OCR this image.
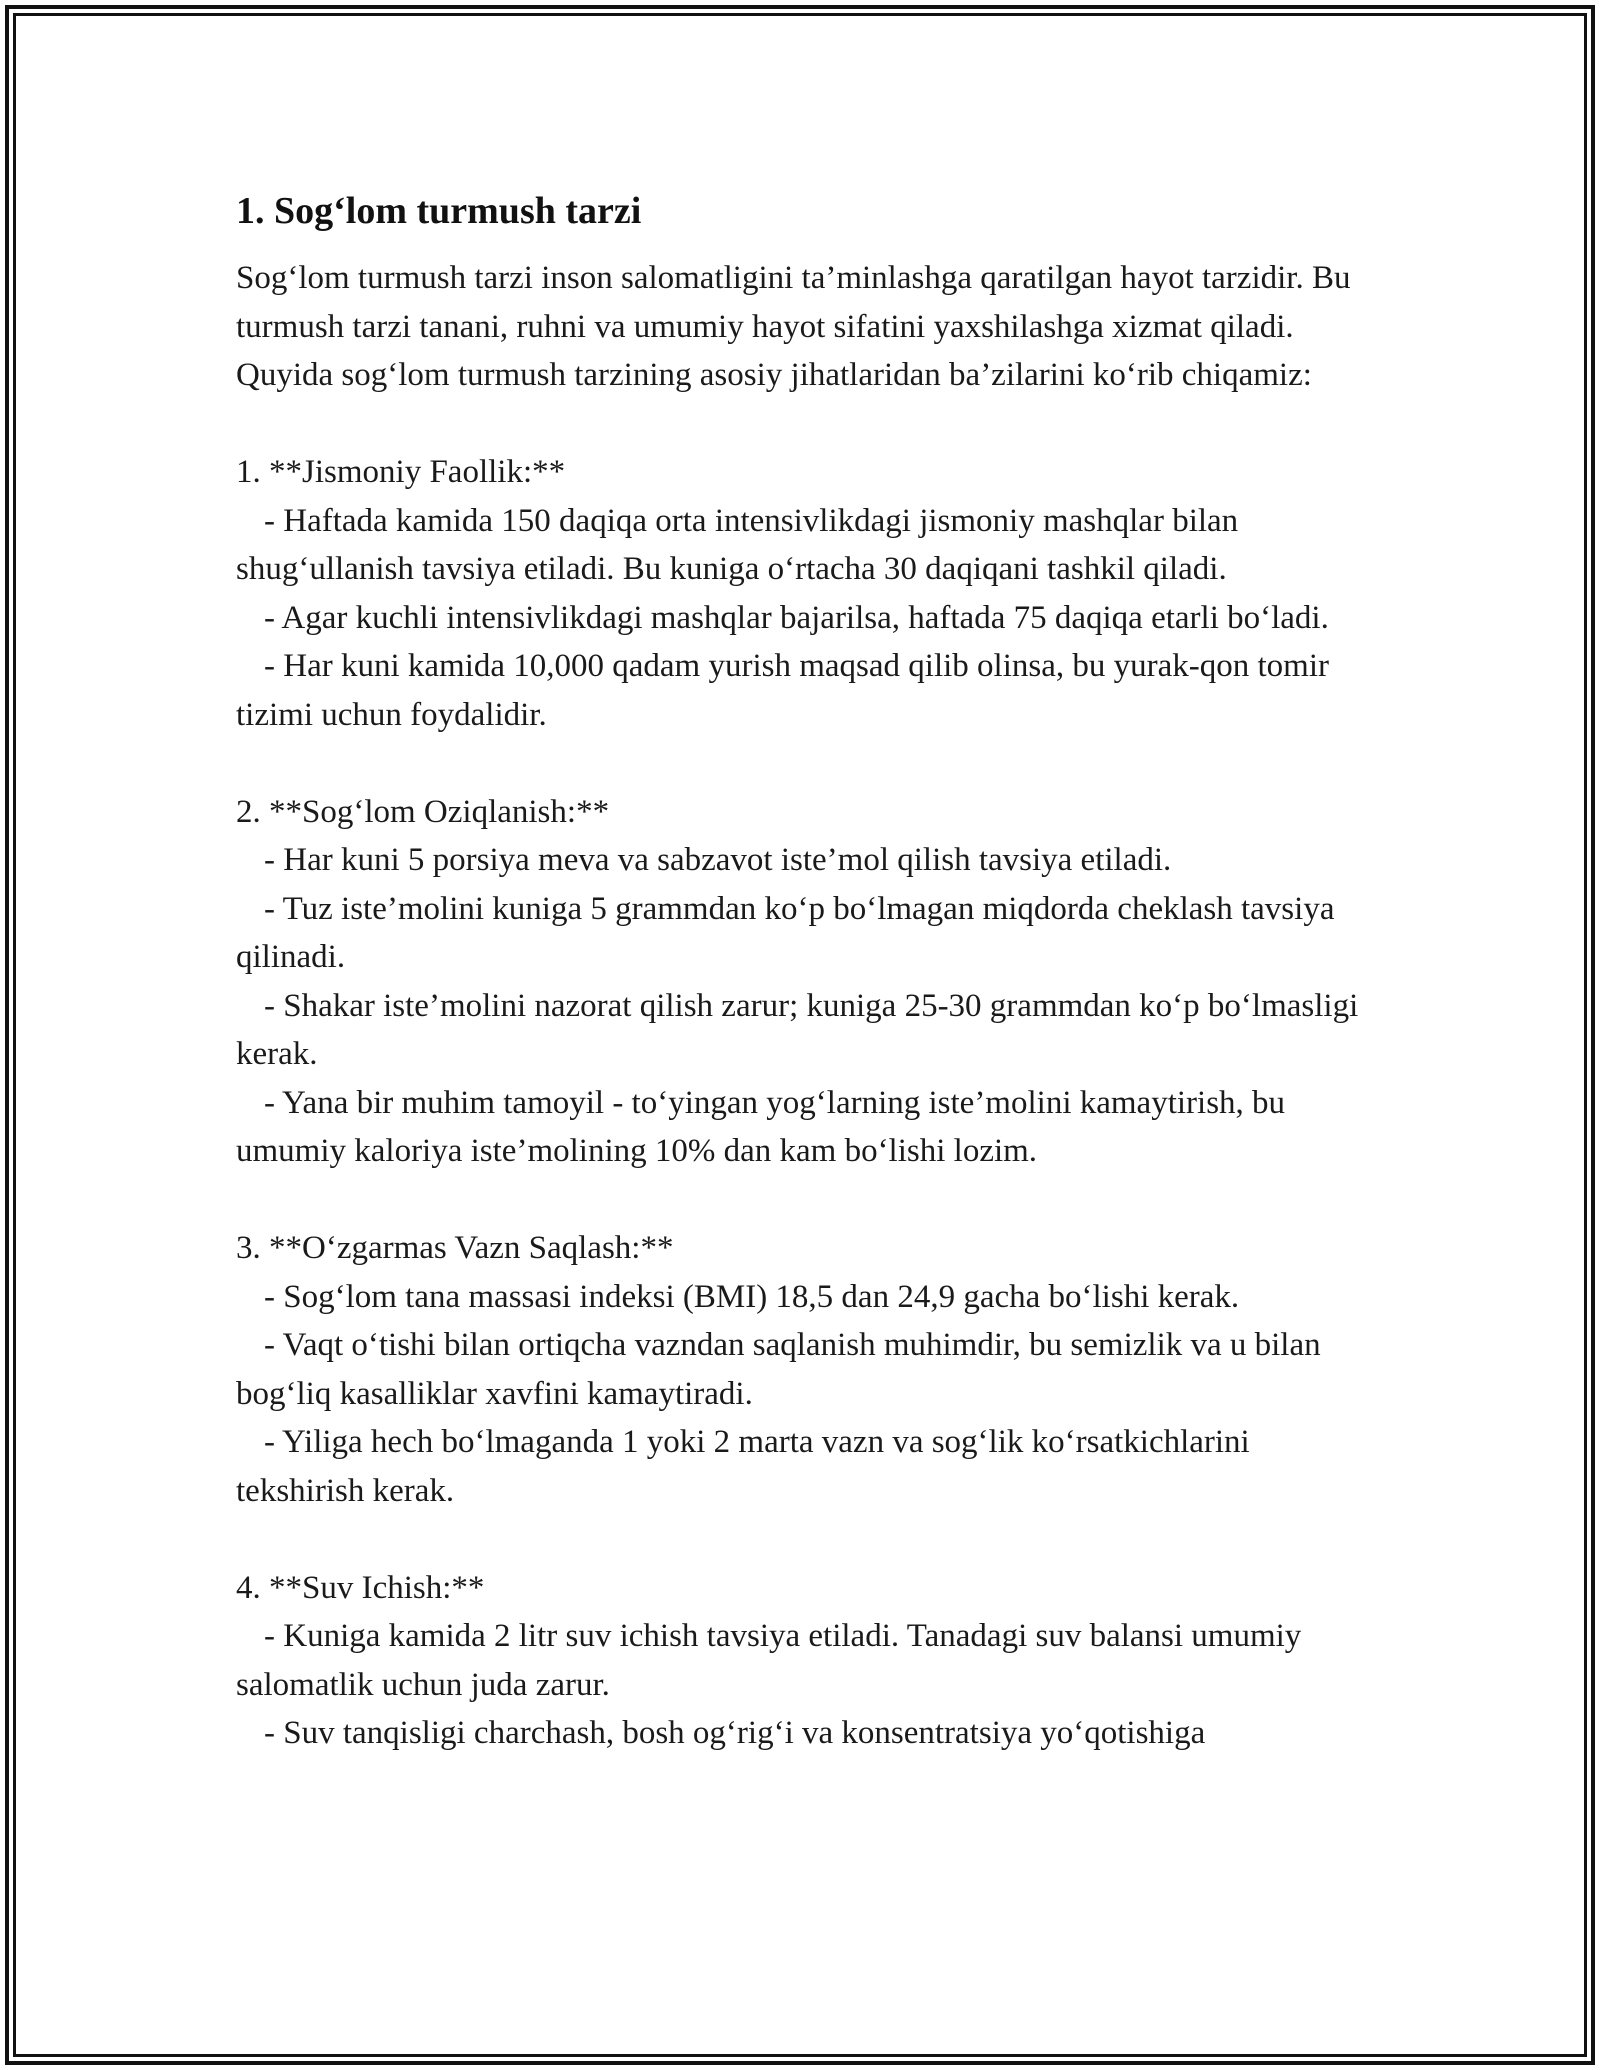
1. Sog‘lom turmush tarzi

Sog‘lom turmush tarzi inson salomatligini ta’minlashga qaratilgan hayot tarzidir. Bu turmush tarzi tanani, ruhni va umumiy hayot sifatini yaxshilashga xizmat qiladi. Quyida sog‘lom turmush tarzining asosiy jihatlaridan ba’zilarini ko‘rib chiqamiz:

1. **Jismoniy Faollik:**

- Haftada kamida 150 daqiqa orta intensivlikdagi jismoniy mashqlar bilan shug‘ullanish tavsiya etiladi. Bu kuniga o‘rtacha 30 daqiqani tashkil qiladi.

- Agar kuchli intensivlikdagi mashqlar bajarilsa, haftada 75 daqiqa etarli bo‘ladi.

- Har kuni kamida 10,000 qadam yurish maqsad qilib olinsa, bu yurak-qon tomir tizimi uchun foydalidir.

2. **Sog‘lom Oziqlanish:**

- Har kuni 5 porsiya meva va sabzavot iste’mol qilish tavsiya etiladi.

- Tuz iste’molini kuniga 5 grammdan ko‘p bo‘lmagan miqdorda cheklash tavsiya qilinadi.

- Shakar iste’molini nazorat qilish zarur; kuniga 25-30 grammdan ko‘p bo‘lmasligi kerak.

- Yana bir muhim tamoyil - to‘yingan yog‘larning iste’molini kamaytirish, bu umumiy kaloriya iste’molining 10% dan kam bo‘lishi lozim.

3. **O‘zgarmas Vazn Saqlash:**

- Sog‘lom tana massasi indeksi (BMI) 18,5 dan 24,9 gacha bo‘lishi kerak.

- Vaqt o‘tishi bilan ortiqcha vazndan saqlanish muhimdir, bu semizlik va u bilan bog‘liq kasalliklar xavfini kamaytiradi.

- Yiliga hech bo‘lmaganda 1 yoki 2 marta vazn va sog‘lik ko‘rsatkichlarini tekshirish kerak.

4. **Suv Ichish:**

- Kuniga kamida 2 litr suv ichish tavsiya etiladi. Tanadagi suv balansi umumiy salomatlik uchun juda zarur.

- Suv tanqisligi charchash, bosh og‘rig‘i va konsentratsiya yo‘qotishiga
